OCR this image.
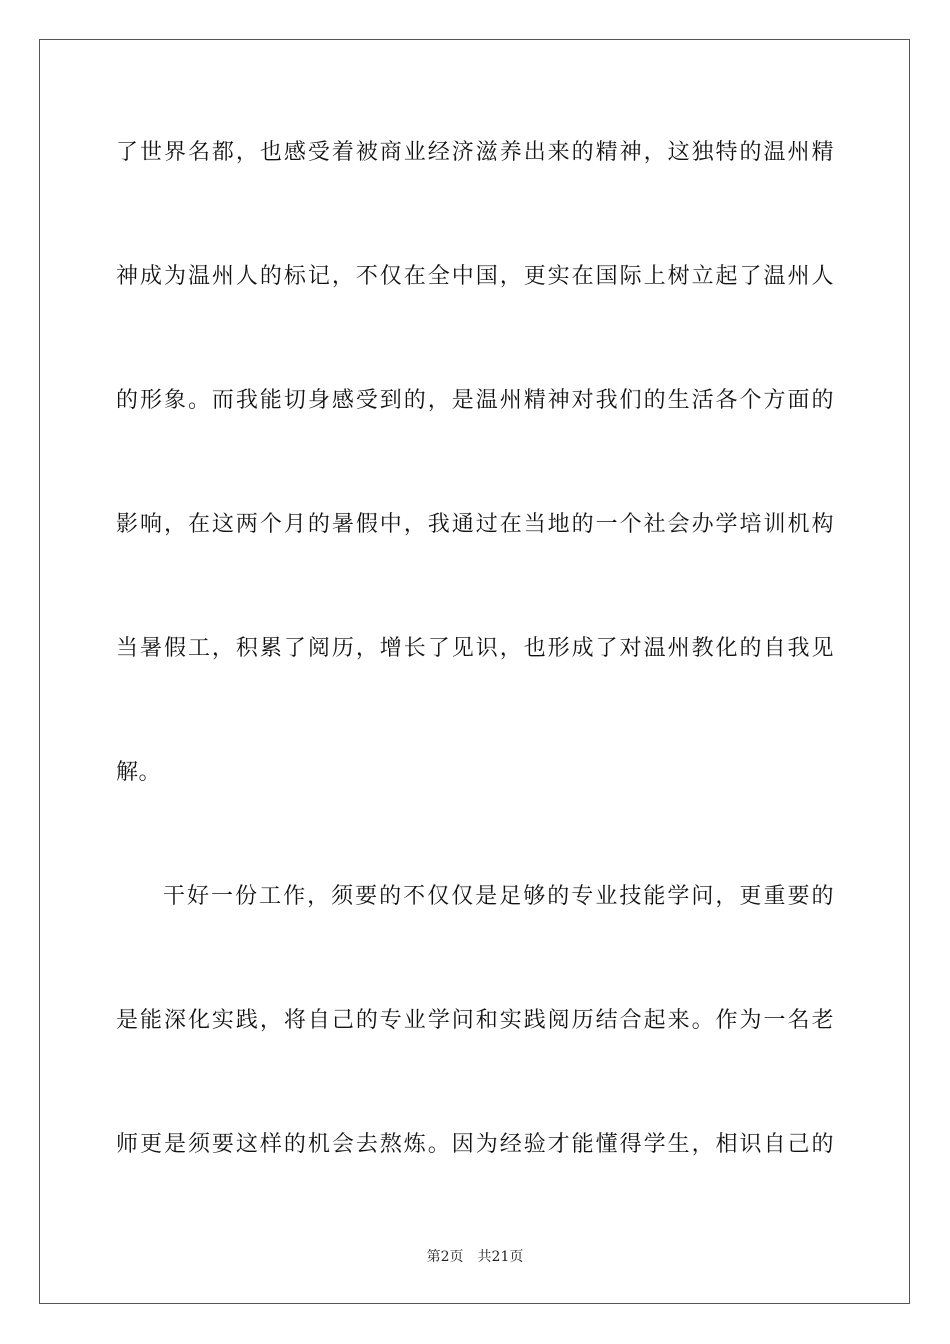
了世界名都，也感受着被商业经济滋养出来的精神，这独特的温州精
神成为温州人的标记，不仅在全中国，更实在国际上树立起了温州人
的形象。而我能切身感受到的，是温州精神对我们的生活各个方面的
影响，在这两个月的暑假中，我通过在当地的一个社会办学培训机构
当暑假工，积累了阅历，增长了见识，也形成了对温州教化的自我见
解。
干好一份工作，须要的不仅仅是足够的专业技能学问，更重要的
是能深化实践，将自己的专业学问和实践阅历结合起来。作为一名老
师更是须要这样的机会去熬炼。因为经验才能懂得学生，相识自己的
第2页 共21页
